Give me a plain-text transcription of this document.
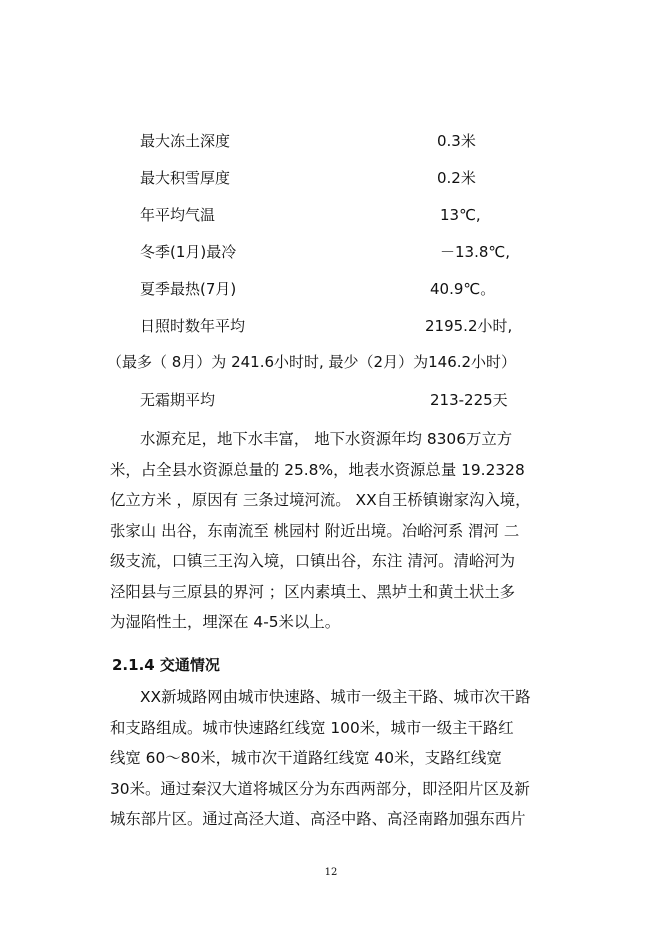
最大冻土深度	0.3米
最大积雪厚度	0.2米
年平均气温	13℃,
冬季(1月)最冷	－13.8℃,
夏季最热(7月)	40.9℃。
日照时数年平均	2195.2小时,
（最多（ 8月）为 241.6小时时, 最少（2月）为146.2小时）
无霜期平均	213-225天
水源充足，地下水丰富， 地下水资源年均 8306万立方
米，占全县水资源总量的 25.8%，地表水资源总量 19.2328
亿立方米 ，原因有 三条过境河流。 XX自王桥镇谢家沟入境，
张家山 出谷，东南流至 桃园村 附近出境。冶峪河系 渭河 二
级支流，口镇三王沟入境，口镇出谷，东注 清河。清峪河为
泾阳县与三原县的界河 ；区内素填土、黑垆土和黄土状土多
为湿陷性土，埋深在 4-5米以上。
2.1.4 交通情况
XX新城路网由城市快速路、城市一级主干路、城市次干路
和支路组成。城市快速路红线宽 100米，城市一级主干路红
线宽 60～80米，城市次干道路红线宽 40米，支路红线宽
30米。通过秦汉大道将城区分为东西两部分，即泾阳片区及新
城东部片区。通过高泾大道、高泾中路、高泾南路加强东西片
12
